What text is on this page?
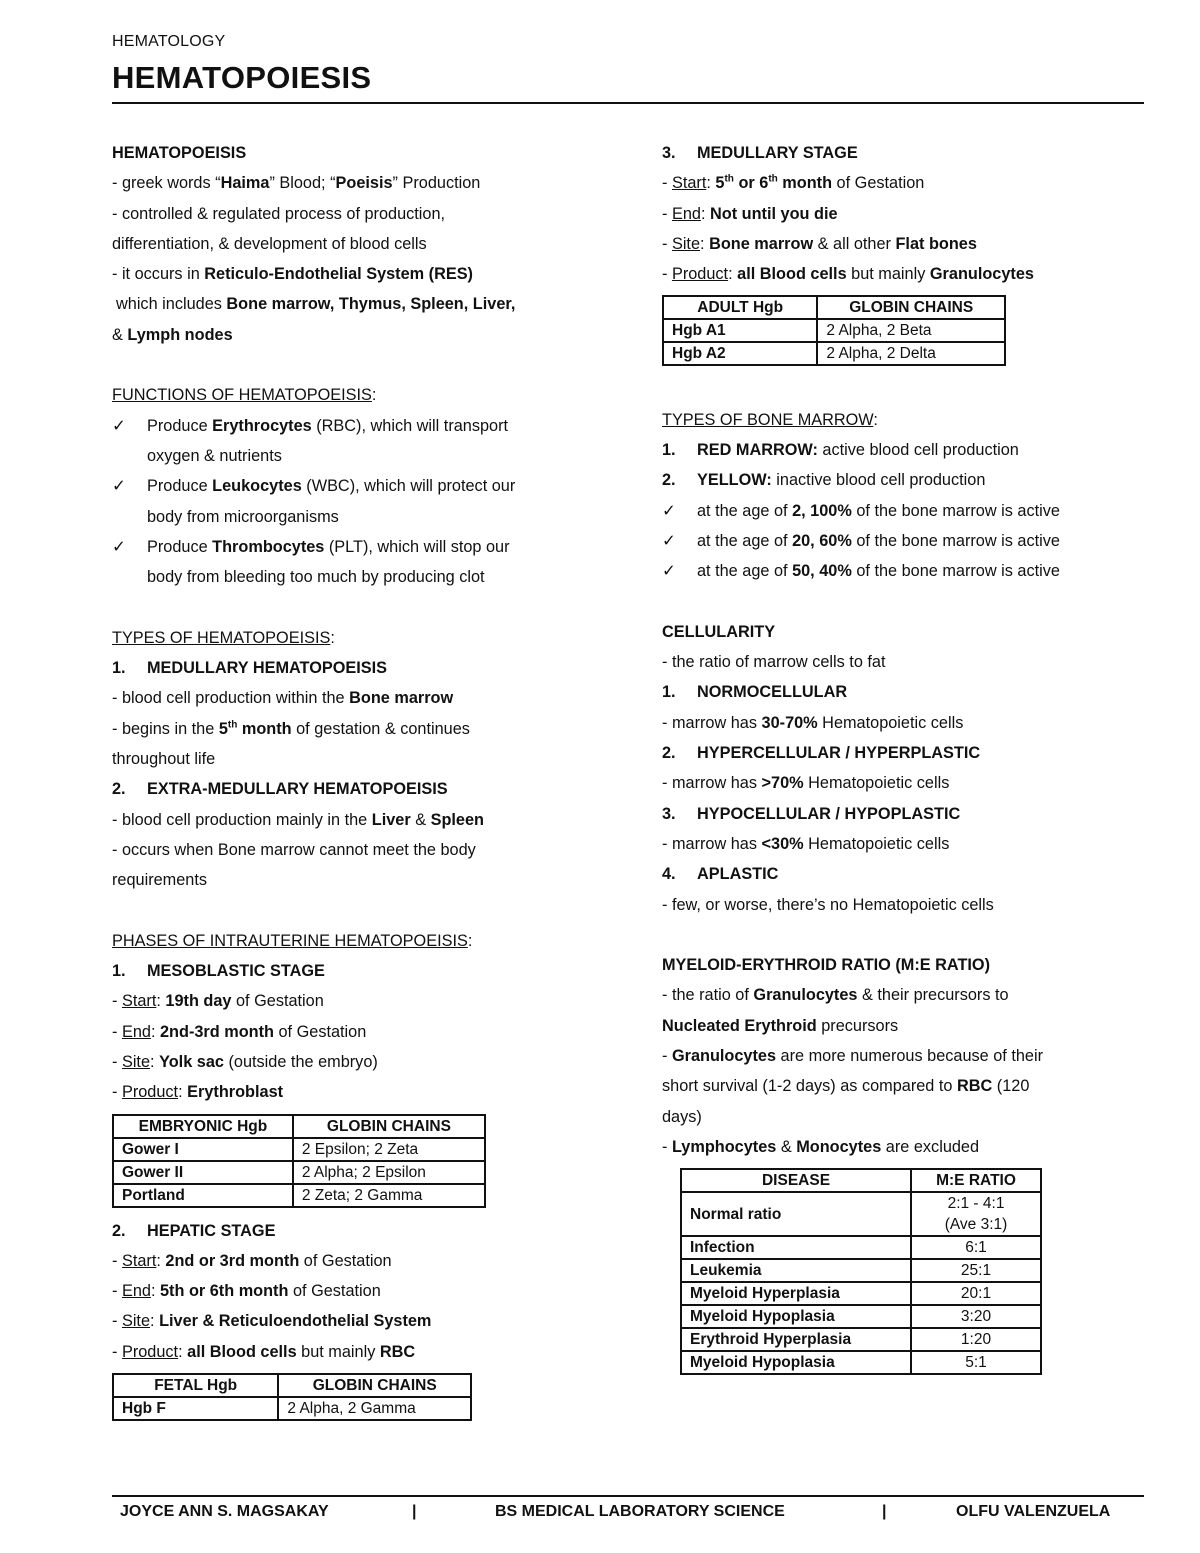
HEMATOLOGY
HEMATOPOIESIS
HEMATOPOEISIS
- greek words “Haima” Blood; “Poeisis” Production
- controlled & regulated process of production,
differentiation, & development of blood cells
- it occurs in Reticulo-Endothelial System (RES)
which includes Bone marrow, Thymus, Spleen, Liver,
& Lymph nodes
FUNCTIONS OF HEMATOPOEISIS:
✓ Produce Erythrocytes (RBC), which will transport
oxygen & nutrients
✓ Produce Leukocytes (WBC), which will protect our
body from microorganisms
✓ Produce Thrombocytes (PLT), which will stop our
body from bleeding too much by producing clot
TYPES OF HEMATOPOEISIS:
1. MEDULLARY HEMATOPOEISIS
- blood cell production within the Bone marrow
- begins in the 5th month of gestation & continues
throughout life
2. EXTRA-MEDULLARY HEMATOPOEISIS
- blood cell production mainly in the Liver & Spleen
- occurs when Bone marrow cannot meet the body
requirements
PHASES OF INTRAUTERINE HEMATOPOEISIS:
1. MESOBLASTIC STAGE
- Start: 19th day of Gestation
- End: 2nd-3rd month of Gestation
- Site: Yolk sac (outside the embryo)
- Product: Erythroblast
EMBRYONIC Hgb	GLOBIN CHAINS
Gower I	2 Epsilon; 2 Zeta
Gower II	2 Alpha; 2 Epsilon
Portland	2 Zeta; 2 Gamma
2. HEPATIC STAGE
- Start: 2nd or 3rd month of Gestation
- End: 5th or 6th month of Gestation
- Site: Liver & Reticuloendothelial System
- Product: all Blood cells but mainly RBC
FETAL Hgb	GLOBIN CHAINS
Hgb F	2 Alpha, 2 Gamma
3. MEDULLARY STAGE
- Start: 5th or 6th month of Gestation
- End: Not until you die
- Site: Bone marrow & all other Flat bones
- Product: all Blood cells but mainly Granulocytes
ADULT Hgb	GLOBIN CHAINS
Hgb A1	2 Alpha, 2 Beta
Hgb A2	2 Alpha, 2 Delta
TYPES OF BONE MARROW:
1. RED MARROW: active blood cell production
2. YELLOW: inactive blood cell production
✓ at the age of 2, 100% of the bone marrow is active
✓ at the age of 20, 60% of the bone marrow is active
✓ at the age of 50, 40% of the bone marrow is active
CELLULARITY
- the ratio of marrow cells to fat
1. NORMOCELLULAR
- marrow has 30-70% Hematopoietic cells
2. HYPERCELLULAR / HYPERPLASTIC
- marrow has >70% Hematopoietic cells
3. HYPOCELLULAR / HYPOPLASTIC
- marrow has <30% Hematopoietic cells
4. APLASTIC
- few, or worse, there’s no Hematopoietic cells
MYELOID-ERYTHROID RATIO (M:E RATIO)
- the ratio of Granulocytes & their precursors to
Nucleated Erythroid precursors
- Granulocytes are more numerous because of their
short survival (1-2 days) as compared to RBC (120
days)
- Lymphocytes & Monocytes are excluded
DISEASE	M:E RATIO
Normal ratio	2:1 - 4:1
(Ave 3:1)
Infection	6:1
Leukemia	25:1
Myeloid Hyperplasia	20:1
Myeloid Hypoplasia	3:20
Erythroid Hyperplasia	1:20
Myeloid Hypoplasia	5:1
JOYCE ANN S. MAGSAKAY	|	BS MEDICAL LABORATORY SCIENCE	|	OLFU VALENZUELA
